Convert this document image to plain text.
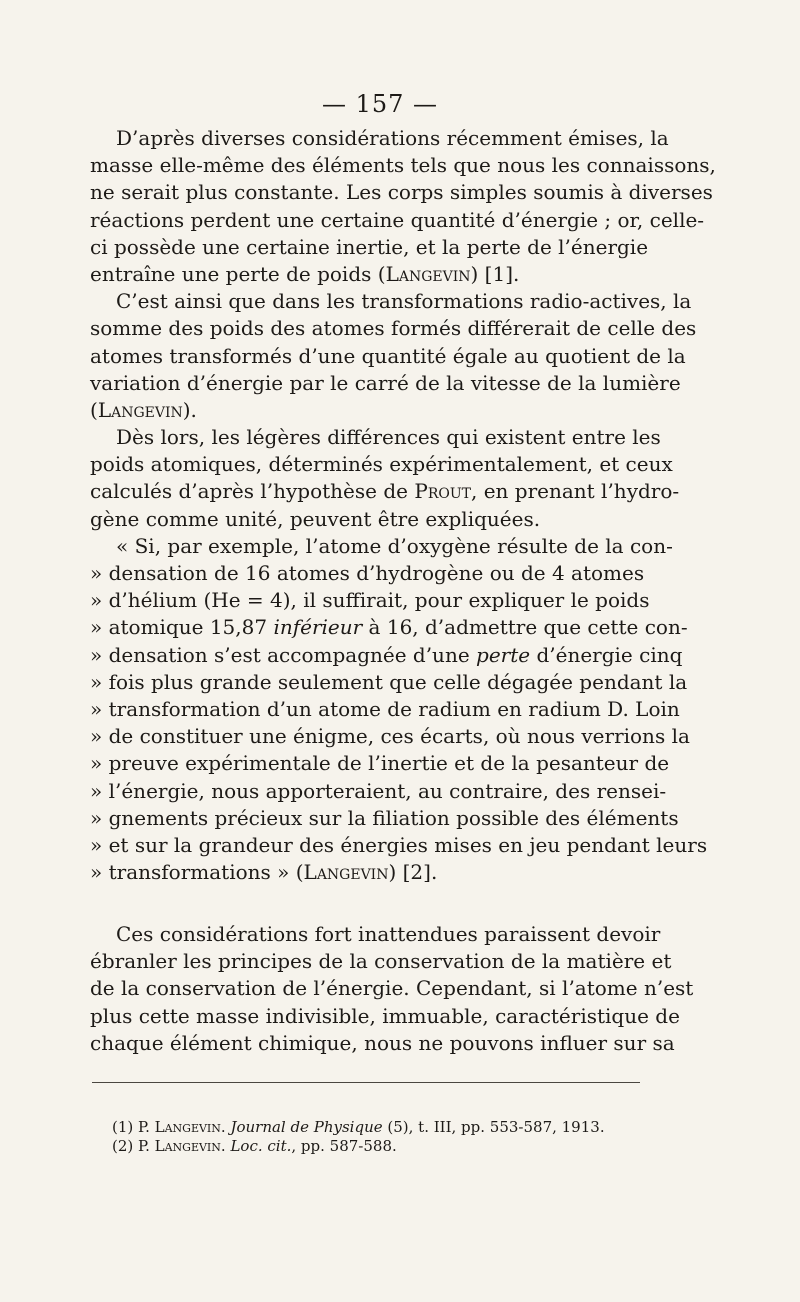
— 157 —
D’après diverses considérations récemment émises, la
masse elle-même des éléments tels que nous les connaissons,
ne serait plus constante. Les corps simples soumis à diverses
réactions perdent une certaine quantité d’énergie ; or, celle-
ci possède une certaine inertie, et la perte de l’énergie
entraîne une perte de poids (Langevin) [1].
C’est ainsi que dans les transformations radio-actives, la
somme des poids des atomes formés différerait de celle des
atomes transformés d’une quantité égale au quotient de la
variation d’énergie par le carré de la vitesse de la lumière
(Langevin).
Dès lors, les légères différences qui existent entre les
poids atomiques, déterminés expérimentalement, et ceux
calculés d’après l’hypothèse de Prout, en prenant l’hydro-
gène comme unité, peuvent être expliquées.
« Si, par exemple, l’atome d’oxygène résulte de la con-
» densation de 16 atomes d’hydrogène ou de 4 atomes
» d’hélium (He = 4), il suffirait, pour expliquer le poids
» atomique 15,87 inférieur à 16, d’admettre que cette con-
» densation s’est accompagnée d’une perte d’énergie cinq
» fois plus grande seulement que celle dégagée pendant la
» transformation d’un atome de radium en radium D. Loin
» de constituer une énigme, ces écarts, où nous verrions la
» preuve expérimentale de l’inertie et de la pesanteur de
» l’énergie, nous apporteraient, au contraire, des rensei-
» gnements précieux sur la filiation possible des éléments
» et sur la grandeur des énergies mises en jeu pendant leurs
» transformations » (Langevin) [2].
Ces considérations fort inattendues paraissent devoir
ébranler les principes de la conservation de la matière et
de la conservation de l’énergie. Cependant, si l’atome n’est
plus cette masse indivisible, immuable, caractéristique de
chaque élément chimique, nous ne pouvons influer sur sa
(1) P. Langevin. Journal de Physique (5), t. III, pp. 553-587, 1913.
(2) P. Langevin. Loc. cit., pp. 587-588.
